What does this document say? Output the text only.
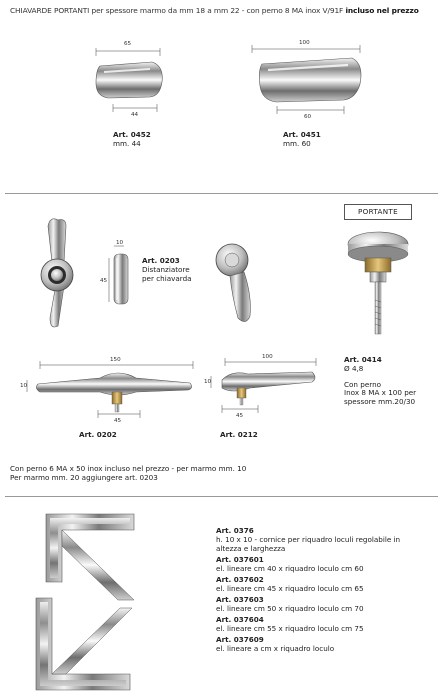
CHIAVARDE PORTANTI per spessore marmo da mm 18 a mm 22 - con perno 8 MA inox V/91F incluso nel prezzo
65
44
100
60
Art. 0452
mm. 44
Art. 0451
mm. 60
PORTANTE
10
45
Art. 0203
Distanziatore
per chiavarda
Art. 0414
Ø 4,8
Con perno
Inox 8 MA x 100 per
spessore mm.20/30
150
10
45
100
10
45
Art. 0202	Art. 0212
Con perno 6 MA x 50 inox incluso nel prezzo - per marmo mm. 10
Per marmo mm. 20 aggiungere art. 0203
Art. 0376
h. 10 x 10 - cornice per riquadro loculi regolabile in
altezza e larghezza
Art. 037601
el. lineare cm 40 x riquadro loculo cm 60
Art. 037602
el. lineare cm 45 x riquadro loculo cm 65
Art. 037603
el. lineare cm 50 x riquadro loculo cm 70
Art. 037604
el. lineare cm 55 x riquadro loculo cm 75
Art. 037609
el. lineare a cm x riquadro loculo
